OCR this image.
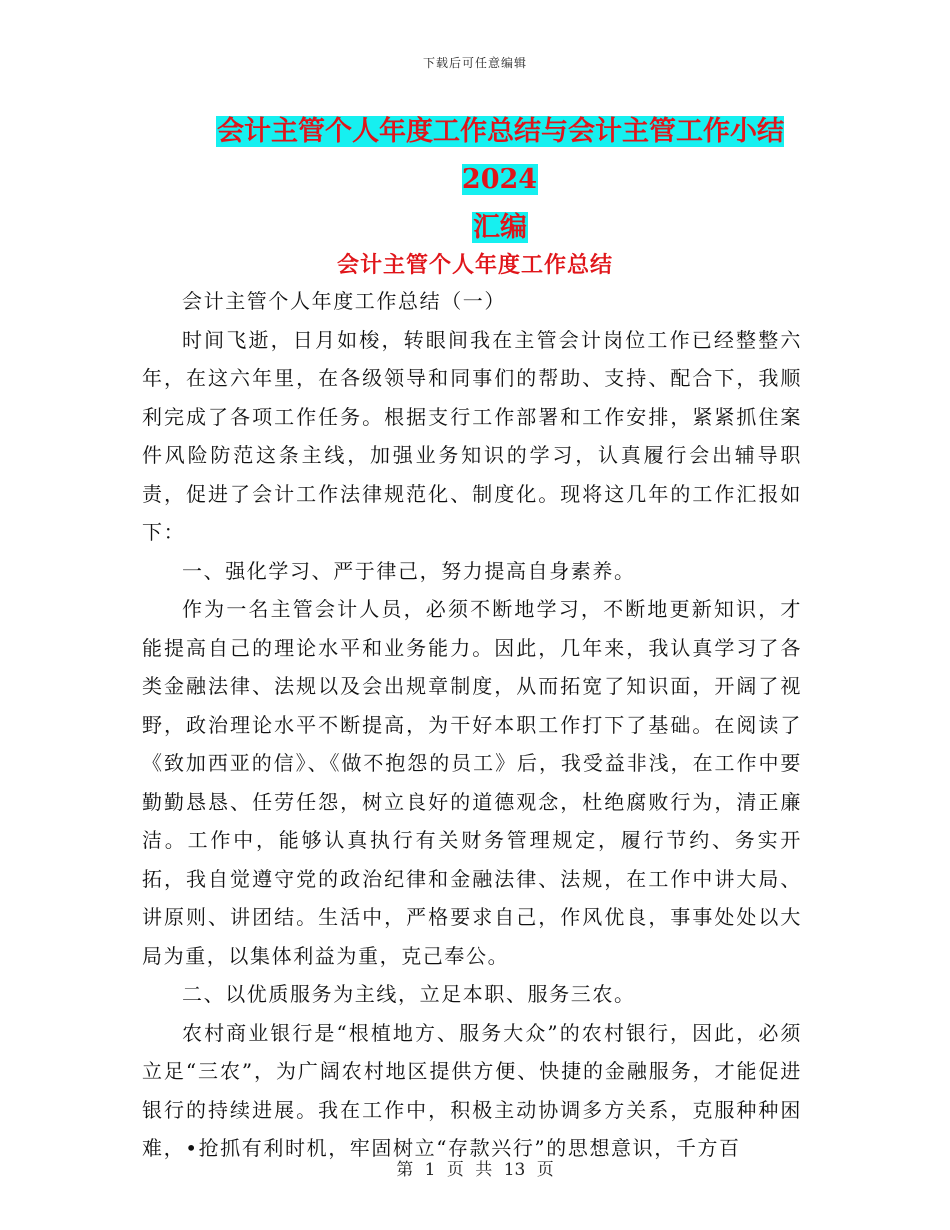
下载后可任意编辑
会计主管个人年度工作总结与会计主管工作小结 2024
汇编
会计主管个人年度工作总结

会计主管个人年度工作总结（一）

时间飞逝，日月如梭，转眼间我在主管会计岗位工作已经整整六年，在这六年里，在各级领导和同事们的帮助、支持、配合下，我顺利完成了各项工作任务。根据支行工作部署和工作安排，紧紧抓住案件风险防范这条主线，加强业务知识的学习，认真履行会出辅导职责，促进了会计工作法律规范化、制度化。现将这几年的工作汇报如下：

一、强化学习、严于律己，努力提高自身素养。

作为一名主管会计人员，必须不断地学习，不断地更新知识，才能提高自己的理论水平和业务能力。因此，几年来，我认真学习了各类金融法律、法规以及会出规章制度，从而拓宽了知识面，开阔了视野，政治理论水平不断提高，为干好本职工作打下了基础。在阅读了《致加西亚的信》、《做不抱怨的员工》后，我受益非浅，在工作中要勤勤恳恳、任劳任怨，树立良好的道德观念，杜绝腐败行为，清正廉洁。工作中，能够认真执行有关财务管理规定，履行节约、务实开拓，我自觉遵守党的政治纪律和金融法律、法规，在工作中讲大局、讲原则、讲团结。生活中，严格要求自己，作风优良，事事处处以大局为重，以集体利益为重，克己奉公。

二、以优质服务为主线，立足本职、服务三农。

农村商业银行是“根植地方、服务大众”的农村银行，因此，必须立足“三农”，为广阔农村地区提供方便、快捷的金融服务，才能促进银行的持续进展。我在工作中，积极主动协调多方关系，克服种种困难，•抢抓有利时机，牢固树立“存款兴行”的思想意识，千方百

第 1 页 共 13 页
